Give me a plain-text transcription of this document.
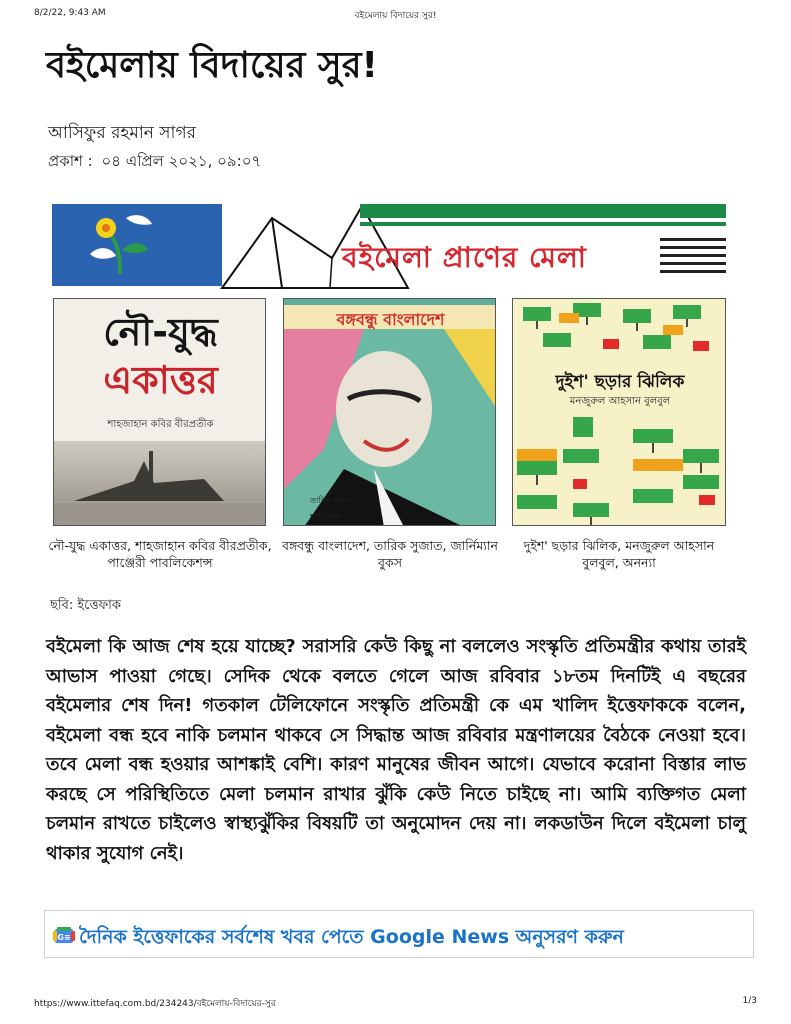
8/2/22, 9:43 AM	বইমেলায় বিদায়ের সুর!
বইমেলায় বিদায়ের সুর!
আসিফুর রহমান সাগর
প্রকাশ : ০৪ এপ্রিল ২০২১, ০৯:০৭
বইমেলা প্রাণের মেলা
নৌ-যুদ্ধ
একাত্তর
শাহজাহান কবির বীরপ্রতীক
বঙ্গবন্ধু বাংলাদেশ
তারিক সুজাত
শাহাবুদ্দিন
দুইশ' ছড়ার ঝিলিক
মনজুরুল আহসান বুলবুল
নৌ-যুদ্ধ একাত্তর, শাহজাহান কবির বীরপ্রতীক, পাঞ্জেরী পাবলিকেশন্স
বঙ্গবন্ধু বাংলাদেশ, তারিক সুজাত, জার্নিম্যান বুকস
দুইশ' ছড়ার ঝিলিক, মনজুরুল আহসান বুলবুল, অনন্যা
ছবি: ইত্তেফাক

বইমেলা কি আজ শেষ হয়ে যাচ্ছে? সরাসরি কেউ কিছু না বললেও সংস্কৃতি প্রতিমন্ত্রীর কথায় তারই আভাস পাওয়া গেছে। সেদিক থেকে বলতে গেলে আজ রবিবার ১৮তম দিনটিই এ বছরের বইমেলার শেষ দিন! গতকাল টেলিফোনে সংস্কৃতি প্রতিমন্ত্রী কে এম খালিদ ইত্তেফাককে বলেন, বইমেলা বন্ধ হবে নাকি চলমান থাকবে সে সিদ্ধান্ত আজ রবিবার মন্ত্রণালয়ের বৈঠকে নেওয়া হবে। তবে মেলা বন্ধ হওয়ার আশঙ্কাই বেশি। কারণ মানুষের জীবন আগে। যেভাবে করোনা বিস্তার লাভ করছে সে পরিস্থিতিতে মেলা চলমান রাখার ঝুঁকি কেউ নিতে চাইছে না। আমি ব্যক্তিগত মেলা চলমান রাখতে চাইলেও স্বাস্থ্যঝুঁকির বিষয়টি তা অনুমোদন দেয় না। লকডাউন দিলে বইমেলা চালু থাকার সুযোগ নেই।

G≡ দৈনিক ইত্তেফাকের সর্বশেষ খবর পেতে Google News অনুসরণ করুন
https://www.ittefaq.com.bd/234243/বইমেলায়-বিদায়ের-সুর	1/3
